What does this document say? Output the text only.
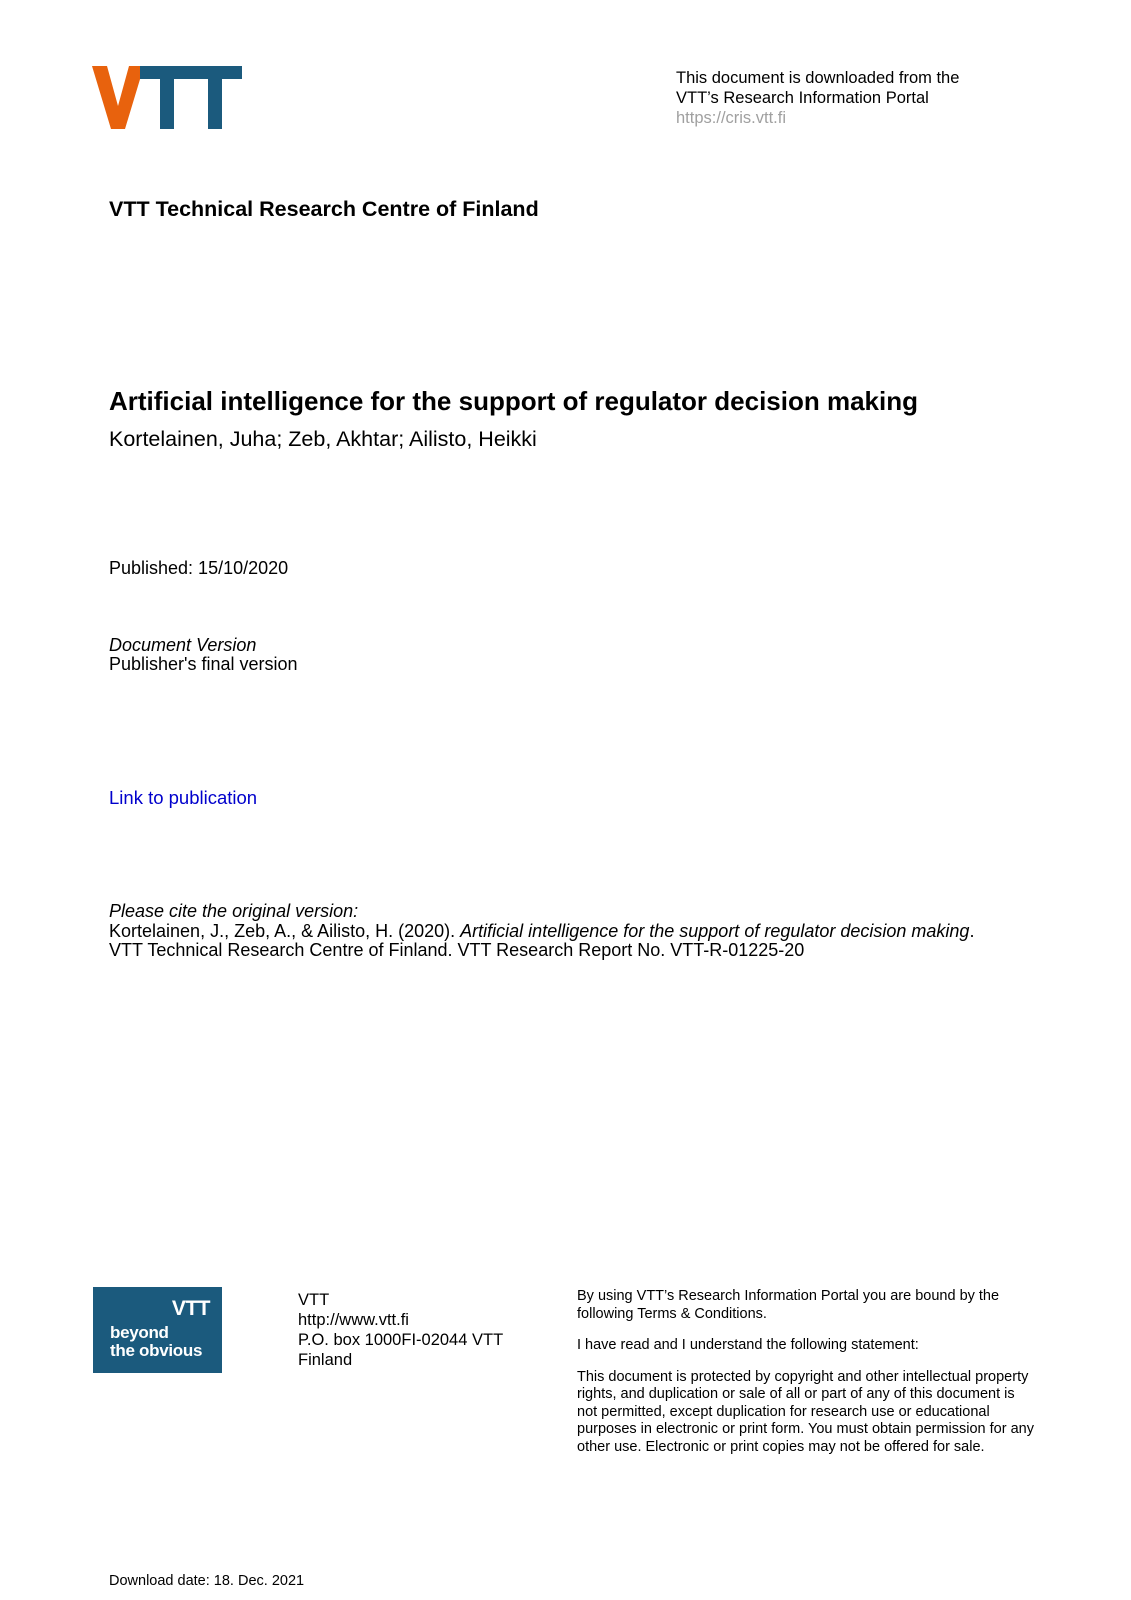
This document is downloaded from the
VTT’s Research Information Portal
https://cris.vtt.fi
VTT Technical Research Centre of Finland
Artificial intelligence for the support of regulator decision making
Kortelainen, Juha; Zeb, Akhtar; Ailisto, Heikki
Published: 15/10/2020
Document Version
Publisher's final version
Link to publication
Please cite the original version:
Kortelainen, J., Zeb, A., & Ailisto, H. (2020). Artificial intelligence for the support of regulator decision making.
VTT Technical Research Centre of Finland. VTT Research Report No. VTT-R-01225-20
VTT
beyond
the obvious
VTT
http://www.vtt.fi
P.O. box 1000FI-02044 VTT
Finland

By using VTT’s Research Information Portal you are bound by the following Terms & Conditions.

I have read and I understand the following statement:

This document is protected by copyright and other intellectual property rights, and duplication or sale of all or part of any of this document is not permitted, except duplication for research use or educational purposes in electronic or print form. You must obtain permission for any other use. Electronic or print copies may not be offered for sale.

Download date: 18. Dec. 2021
